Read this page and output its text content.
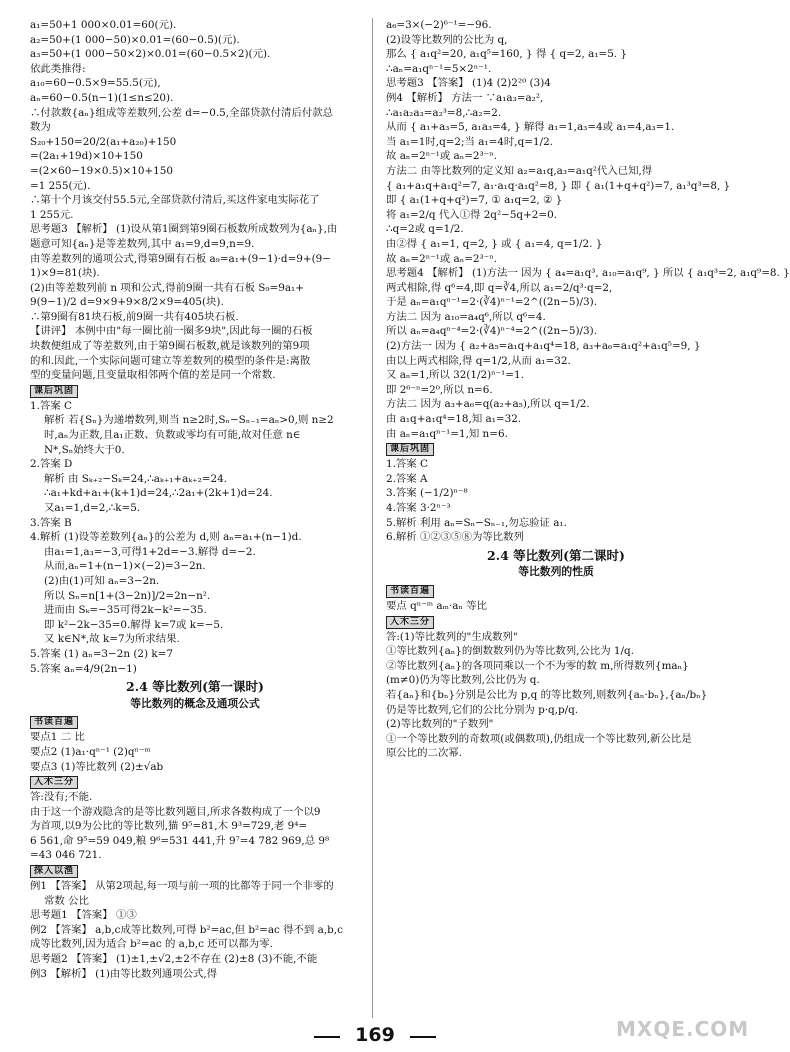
a₁=50+1 000×0.01=60(元).
a₂=50+(1 000−50)×0.01=(60−0.5)(元).
a₃=50+(1 000−50×2)×0.01=(60−0.5×2)(元).
依此类推得:
a₁₀=60−0.5×9=55.5(元),
aₙ=60−0.5(n−1)(1≤n≤20).
∴付款数{aₙ}组成等差数列,公差 d=−0.5,全部贷款付清后付款总
数为
S₂₀+150=20/2(a₁+a₂₀)+150
=(2a₁+19d)×10+150
=(2×60−19×0.5)×10+150
=1 255(元).
∴第十个月该交付55.5元,全部贷款付清后,买这件家电实际花了
1 255元.
思考题3 【解析】 (1)设从第1圈到第9圈石板数所成数列为{aₙ},由
题意可知{aₙ}是等差数列,其中 a₁=9,d=9,n=9.
由等差数列的通项公式,得第9圈有石板 a₉=a₁+(9−1)·d=9+(9−
1)×9=81(块).
(2)由等差数列前 n 项和公式,得前9圈一共有石板 S₉=9a₁+
9(9−1)/2 d=9×9+9×8/2×9=405(块).
∴第9圈有81块石板,前9圈一共有405块石板.
【讲评】 本例中由"每一圈比前一圈多9块",因此每一圈的石板
块数便组成了等差数列,由于第9圈石板数,就是该数列的第9项
的和.因此,一个实际问题可建立等差数列的模型的条件是:离散
型的变量问题,且变量取相邻两个值的差是同一个常数.
课后巩固
1.答案 C
解析 若{Sₙ}为递增数列,则当 n≥2时,Sₙ−Sₙ₋₁=aₙ>0,则 n≥2
时,aₙ为正数,且a₁正数、负数或零均有可能,故对任意 n∈
N*,Sₙ始终大于0.
2.答案 D
解析 由 Sₖ₊₂−Sₖ=24,∴aₖ₊₁+aₖ₊₂=24.
∴a₁+kd+a₁+(k+1)d=24,∴2a₁+(2k+1)d=24.
又a₁=1,d=2,∴k=5.
3.答案 B
4.解析 (1)设等差数列{aₙ}的公差为 d,则 aₙ=a₁+(n−1)d.
由a₁=1,a₃=−3,可得1+2d=−3.解得 d=−2.
从而,aₙ=1+(n−1)×(−2)=3−2n.
(2)由(1)可知 aₙ=3−2n.
所以 Sₙ=n[1+(3−2n)]/2=2n−n².
进而由 Sₖ=−35可得2k−k²=−35.
即 k²−2k−35=0.解得 k=7或 k=−5.
又 k∈N*,故 k=7为所求结果.
5.答案 (1) aₙ=3−2n (2) k=7
5.答案 aₙ=4/9(2n−1)
2.4 等比数列(第一课时)
等比数列的概念及通项公式
书读百遍
要点1 二 比
要点2 (1)a₁·qⁿ⁻¹ (2)qⁿ⁻ᵐ
要点3 (1)等比数列 (2)±√ab
入木三分
答:没有;不能.
由于这一个游戏隐含的是等比数列题目,所求各数构成了一个以9
为首项,以9为公比的等比数列,猫 9⁵=81,木 9³=729,老 9⁴=
6 561,命 9⁵=59 049,粮 9⁶=531 441,升 9⁷=4 782 969,总 9⁸
=43 046 721.
探入以渔
例1 【答案】 从第2项起,每一项与前一项的比都等于同一个非零的
常数 公比
思考题1 【答案】 ①③
例2 【答案】 a,b,c成等比数列,可得 b²=ac,但 b²=ac 得不到 a,b,c
成等比数列,因为适合 b²=ac 的 a,b,c 还可以都为零.
思考题2 【答案】 (1)±1,±√2,±2不存在 (2)±8 (3)不能,不能
例3 【解析】 (1)由等比数列通项公式,得
a₆=3×(−2)⁶⁻¹=−96.
(2)设等比数列的公比为 q,
那么 { a₁q²=20, a₁q⁵=160, } 得 { q=2, a₁=5. }
∴aₙ=a₁qⁿ⁻¹=5×2ⁿ⁻¹.
思考题3 【答案】 (1)4 (2)2²⁰ (3)4
例4 【解析】 方法一 ∵a₁a₃=a₂²,
∴a₁a₂a₃=a₂³=8,∴a₂=2.
从而 { a₁+a₃=5, a₁a₃=4, } 解得 a₁=1,a₃=4或 a₁=4,a₃=1.
当 a₁=1时,q=2;当 a₁=4时,q=1/2.
故 aₙ=2ⁿ⁻¹或 aₙ=2³⁻ⁿ.
方法二 由等比数列的定义知 a₂=a₁q,a₃=a₁q²代入已知,得
{ a₁+a₁q+a₁q²=7, a₁·a₁q·a₁q²=8, } 即 { a₁(1+q+q²)=7, a₁³q³=8, }
即 { a₁(1+q+q²)=7, ① a₁q=2, ② }
将 a₁=2/q 代入①得 2q²−5q+2=0.
∴q=2或 q=1/2.
由②得 { a₁=1, q=2, } 或 { a₁=4, q=1/2. }
故 aₙ=2ⁿ⁻¹或 aₙ=2³⁻ⁿ.
思考题4 【解析】 (1)方法一 因为 { a₄=a₁q³, a₁₀=a₁q⁹, } 所以 { a₁q³=2, a₁q⁹=8. }
两式相除,得 q⁶=4,即 q=∛4,所以 a₁=2/q³·q=2,
于是 aₙ=a₁qⁿ⁻¹=2·(∛4)ⁿ⁻¹=2^((2n−5)/3).
方法二 因为 a₁₀=a₄q⁶,所以 q⁶=4.
所以 aₙ=a₄qⁿ⁻⁴=2·(∛4)ⁿ⁻⁴=2^((2n−5)/3).
(2)方法一 因为 { a₂+a₅=a₁q+a₁q⁴=18, a₃+a₆=a₁q²+a₁q⁵=9, }
由以上两式相除,得 q=1/2,从而 a₁=32.
又 aₙ=1,所以 32(1/2)ⁿ⁻¹=1.
即 2⁶⁻ⁿ=2⁰,所以 n=6.
方法二 因为 a₃+a₆=q(a₂+a₅),所以 q=1/2.
由 a₁q+a₁q⁴=18,知 a₁=32.
由 aₙ=a₁qⁿ⁻¹=1,知 n=6.
课后巩固
1.答案 C
2.答案 A
3.答案 (−1/2)ⁿ⁻⁸
4.答案 3·2ⁿ⁻³
5.解析 利用 aₙ=Sₙ−Sₙ₋₁,勿忘验证 a₁.
6.解析 ①②③⑤⑧为等比数列
2.4 等比数列(第二课时)
等比数列的性质
书读百遍
要点 qⁿ⁻ᵐ aₘ·aₙ 等比
入木三分
答:(1)等比数列的"生成数列"
①等比数列{aₙ}的倒数数列仍为等比数列,公比为 1/q.
②等比数列{aₙ}的各项同乘以一个不为零的数 m,所得数列{maₙ}
(m≠0)仍为等比数列,公比仍为 q.
若{aₙ}和{bₙ}分别是公比为 p,q 的等比数列,则数列{aₙ·bₙ},{aₙ/bₙ}
仍是等比数列,它们的公比分别为 p·q,p/q.
(2)等比数列的"子数列"
①一个等比数列的奇数项(或偶数项),仍组成一个等比数列,新公比是
原公比的二次幂.
169	MXQE.COM
